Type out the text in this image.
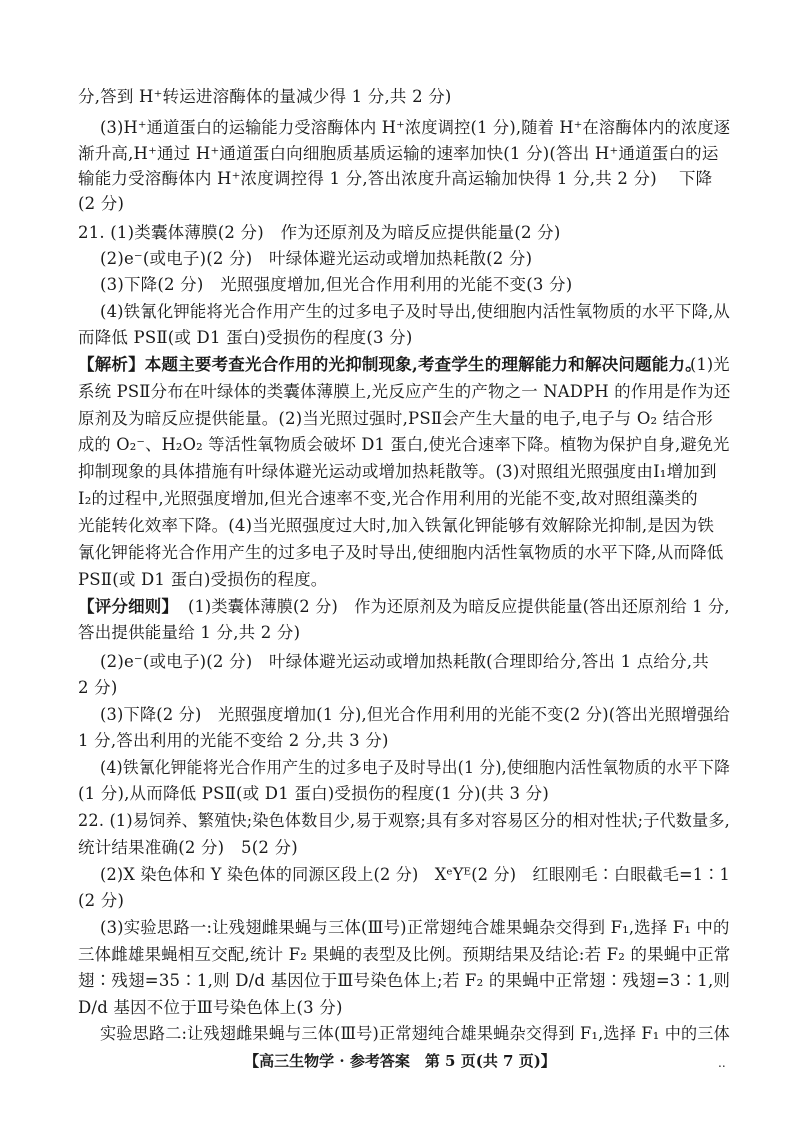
分,答到 H⁺转运进溶酶体的量减少得 1 分,共 2 分)
(3)H⁺通道蛋白的运输能力受溶酶体内 H⁺浓度调控(1 分),随着 H⁺在溶酶体内的浓度逐
渐升高,H⁺通过 H⁺通道蛋白向细胞质基质运输的速率加快(1 分)(答出 H⁺通道蛋白的运
输能力受溶酶体内 H⁺浓度调控得 1 分,答出浓度升高运输加快得 1 分,共 2 分)　 下降
(2 分)
21. (1)类囊体薄膜(2 分)　作为还原剂及为暗反应提供能量(2 分)
(2)e⁻(或电子)(2 分)　叶绿体避光运动或增加热耗散(2 分)
(3)下降(2 分)　光照强度增加,但光合作用利用的光能不变(3 分)
(4)铁氰化钾能将光合作用产生的过多电子及时导出,使细胞内活性氧物质的水平下降,从
而降低 PSⅡ(或 D1 蛋白)受损伤的程度(3 分)
【解析】本题主要考查光合作用的光抑制现象,考查学生的理解能力和解决问题能力。
(1)光
系统 PSⅡ分布在叶绿体的类囊体薄膜上,光反应产生的产物之一 NADPH 的作用是作为还
原剂及为暗反应提供能量。(2)当光照过强时,PSⅡ会产生大量的电子,电子与 O₂ 结合形
成的 O₂⁻、H₂O₂ 等活性氧物质会破坏 D1 蛋白,使光合速率下降。植物为保护自身,避免光
抑制现象的具体措施有叶绿体避光运动或增加热耗散等。(3)对照组光照强度由Ⅰ₁增加到
Ⅰ₂的过程中,光照强度增加,但光合速率不变,光合作用利用的光能不变,故对照组藻类的
光能转化效率下降。(4)当光照强度过大时,加入铁氰化钾能够有效解除光抑制,是因为铁
氰化钾能将光合作用产生的过多电子及时导出,使细胞内活性氧物质的水平下降,从而降低
PSⅡ(或 D1 蛋白)受损伤的程度。
【评分细则】 (1)类囊体薄膜(2 分)　作为还原剂及为暗反应提供能量(答出还原剂给 1 分,
答出提供能量给 1 分,共 2 分)
(2)e⁻(或电子)(2 分)　叶绿体避光运动或增加热耗散(合理即给分,答出 1 点给分,共
2 分)
(3)下降(2 分)　光照强度增加(1 分),但光合作用利用的光能不变(2 分)(答出光照增强给
1 分,答出利用的光能不变给 2 分,共 3 分)
(4)铁氰化钾能将光合作用产生的过多电子及时导出(1 分),使细胞内活性氧物质的水平下降
(1 分),从而降低 PSⅡ(或 D1 蛋白)受损伤的程度(1 分)(共 3 分)
22. (1)易饲养、繁殖快;染色体数目少,易于观察;具有多对容易区分的相对性状;子代数量多,
统计结果准确(2 分)　5(2 分)
(2)X 染色体和 Y 染色体的同源区段上(2 分)　XᵉYᴱ(2 分)　红眼刚毛∶白眼截毛=1∶1
(2 分)
(3)实验思路一:让残翅雌果蝇与三体(Ⅲ号)正常翅纯合雄果蝇杂交得到 F₁,选择 F₁ 中的
三体雌雄果蝇相互交配,统计 F₂ 果蝇的表型及比例。预期结果及结论:若 F₂ 的果蝇中正常
翅∶残翅=35∶1,则 D/d 基因位于Ⅲ号染色体上;若 F₂ 的果蝇中正常翅∶残翅=3∶1,则
D/d 基因不位于Ⅲ号染色体上(3 分)
实验思路二:让残翅雌果蝇与三体(Ⅲ号)正常翅纯合雄果蝇杂交得到 F₁,选择 F₁ 中的三体
【高三生物学 · 参考答案　第 5 页(共 7 页)】	..
